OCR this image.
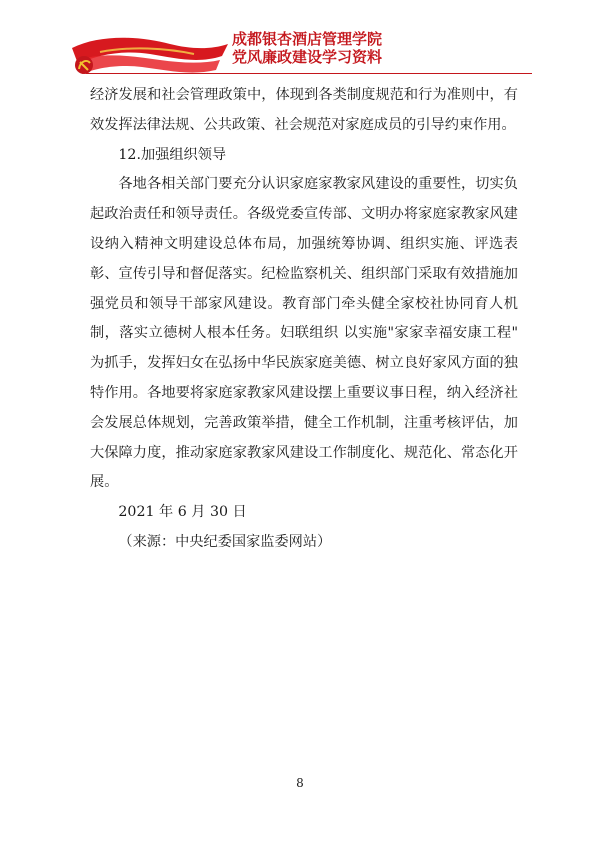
成都银杏酒店管理学院
党风廉政建设学习资料

经济发展和社会管理政策中，体现到各类制度规范和行为准则中，有效发挥法律法规、公共政策、社会规范对家庭成员的引导约束作用。

12.加强组织领导

各地各相关部门要充分认识家庭家教家风建设的重要性，切实负起政治责任和领导责任。各级党委宣传部、文明办将家庭家教家风建设纳入精神文明建设总体布局，加强统筹协调、组织实施、评选表彰、宣传引导和督促落实。纪检监察机关、组织部门采取有效措施加强党员和领导干部家风建设。教育部门牵头健全家校社协同育人机制，落实立德树人根本任务。妇联组织 以实施"家家幸福安康工程" 为抓手，发挥妇女在弘扬中华民族家庭美德、树立良好家风方面的独特作用。各地要将家庭家教家风建设摆上重要议事日程，纳入经济社会发展总体规划，完善政策举措，健全工作机制，注重考核评估，加大保障力度，推动家庭家教家风建设工作制度化、规范化、常态化开展。

2021 年 6 月 30 日

（来源：中央纪委国家监委网站）

8
